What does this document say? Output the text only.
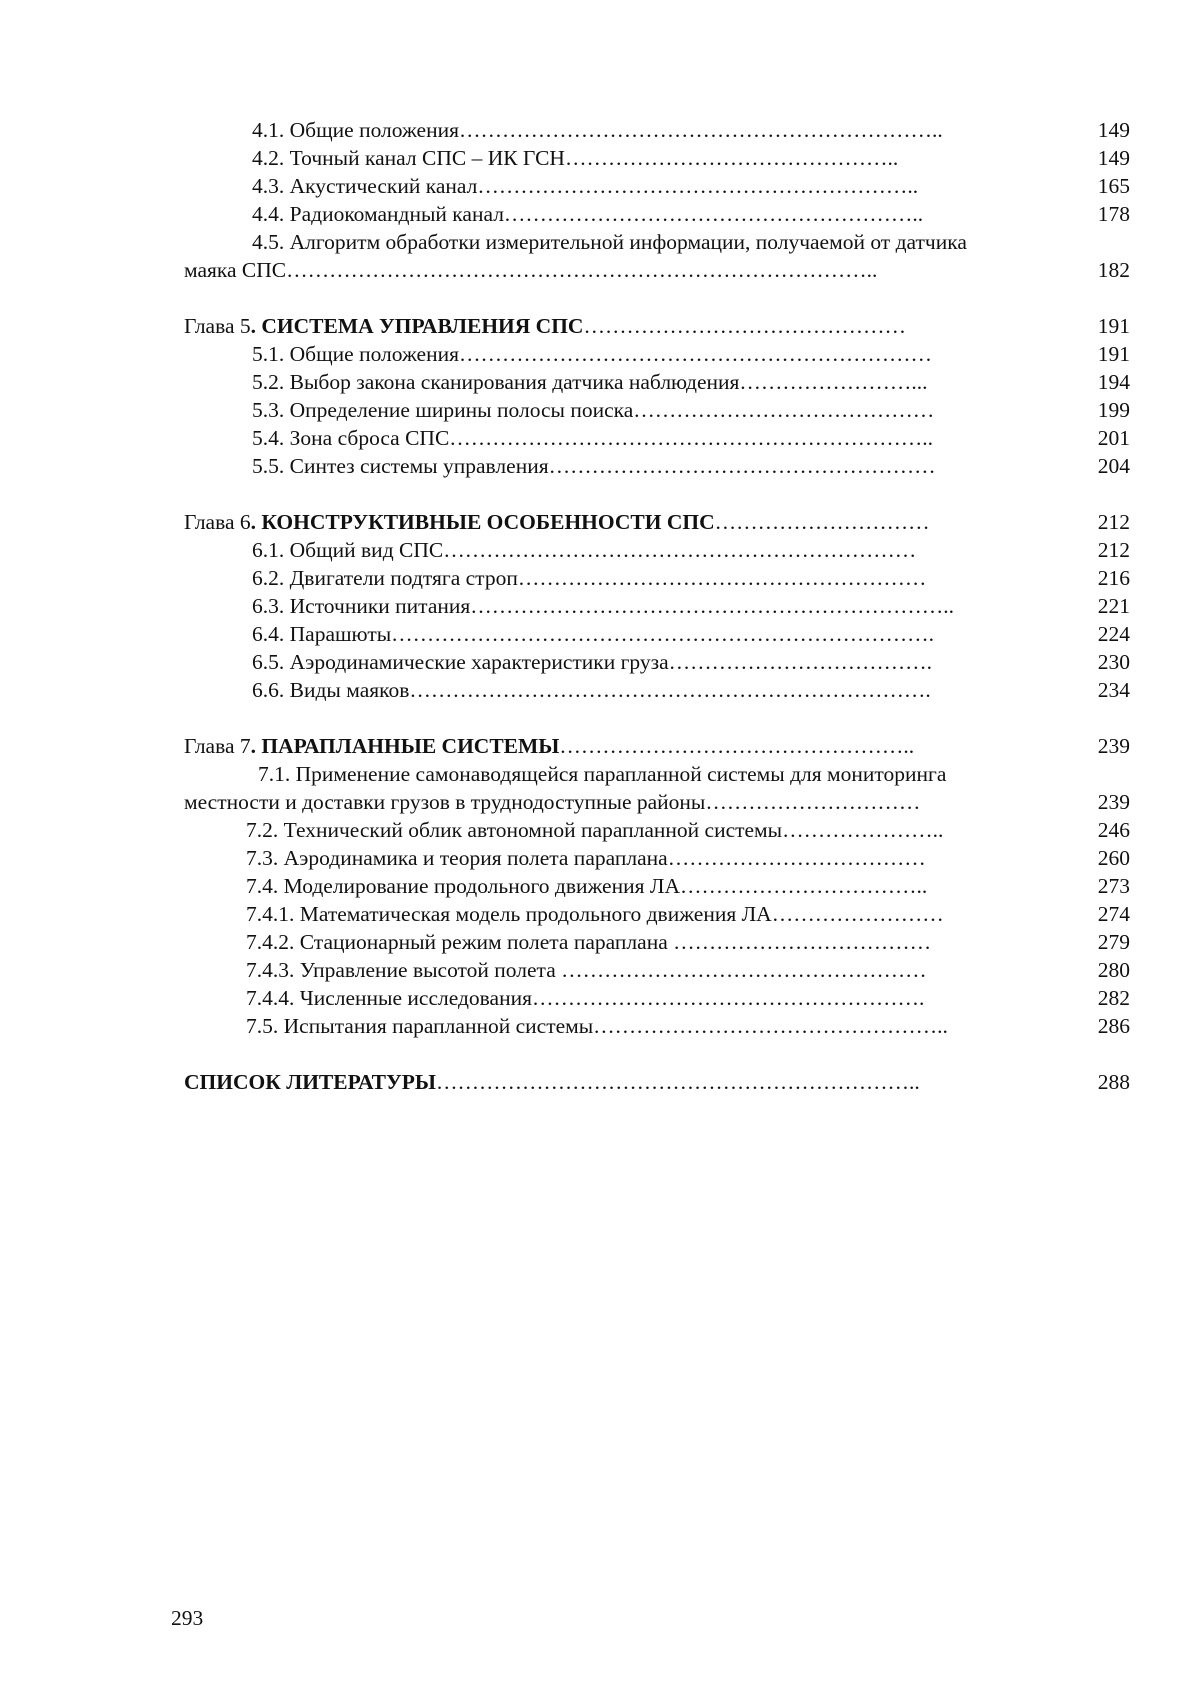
4.1. Общие положения…………………………………………………………..	149
4.2. Точный канал СПС – ИК ГСН………………………………………..	149
4.3. Акустический канал……………………………………………………..	165
4.4. Радиокомандный канал…………………………………………………..	178
4.5. Алгоритм обработки измерительной информации, получаемой от датчика
маяка СПС………………………………………………………………………..	182
Глава 5. СИСТЕМА УПРАВЛЕНИЯ СПС………………………………………	191
5.1. Общие положения…………………………………………………………	191
5.2. Выбор закона сканирования датчика наблюдения……………………...	194
5.3. Определение ширины полосы поиска……………………………………	199
5.4. Зона сброса СПС…………………………………………………………..	201
5.5. Синтез системы управления………………………………………………	204
Глава 6. КОНСТРУКТИВНЫЕ ОСОБЕННОСТИ СПС…………………………	212
6.1. Общий вид СПС…………………………………………………………	212
6.2. Двигатели подтяга строп…………………………………………………	216
6.3. Источники питания…………………………………………………………..	221
6.4. Парашюты………………………………………………………………….	224
6.5. Аэродинамические характеристики груза……………………………….	230
6.6. Виды маяков……………………………………………………………….	234
Глава 7. ПАРАПЛАННЫЕ СИСТЕМЫ…………………………………………..	239
7.1. Применение самонаводящейся парапланной системы для мониторинга
местности и доставки грузов в труднодоступные районы…………………………	239
7.2. Технический облик автономной парапланной системы…………………..	246
7.3. Аэродинамика и теория полета параплана………………………………	260
7.4. Моделирование продольного движения ЛА……………………………..	273
7.4.1. Математическая модель продольного движения ЛА……………………	274
7.4.2. Стационарный режим полета параплана ………………………………	279
7.4.3. Управление высотой полета ……………………………………………	280
7.4.4. Численные исследования……………………………………………….	282
7.5. Испытания парапланной системы…………………………………………..	286
СПИСОК ЛИТЕРАТУРЫ…………………………………………………………..	288
293
